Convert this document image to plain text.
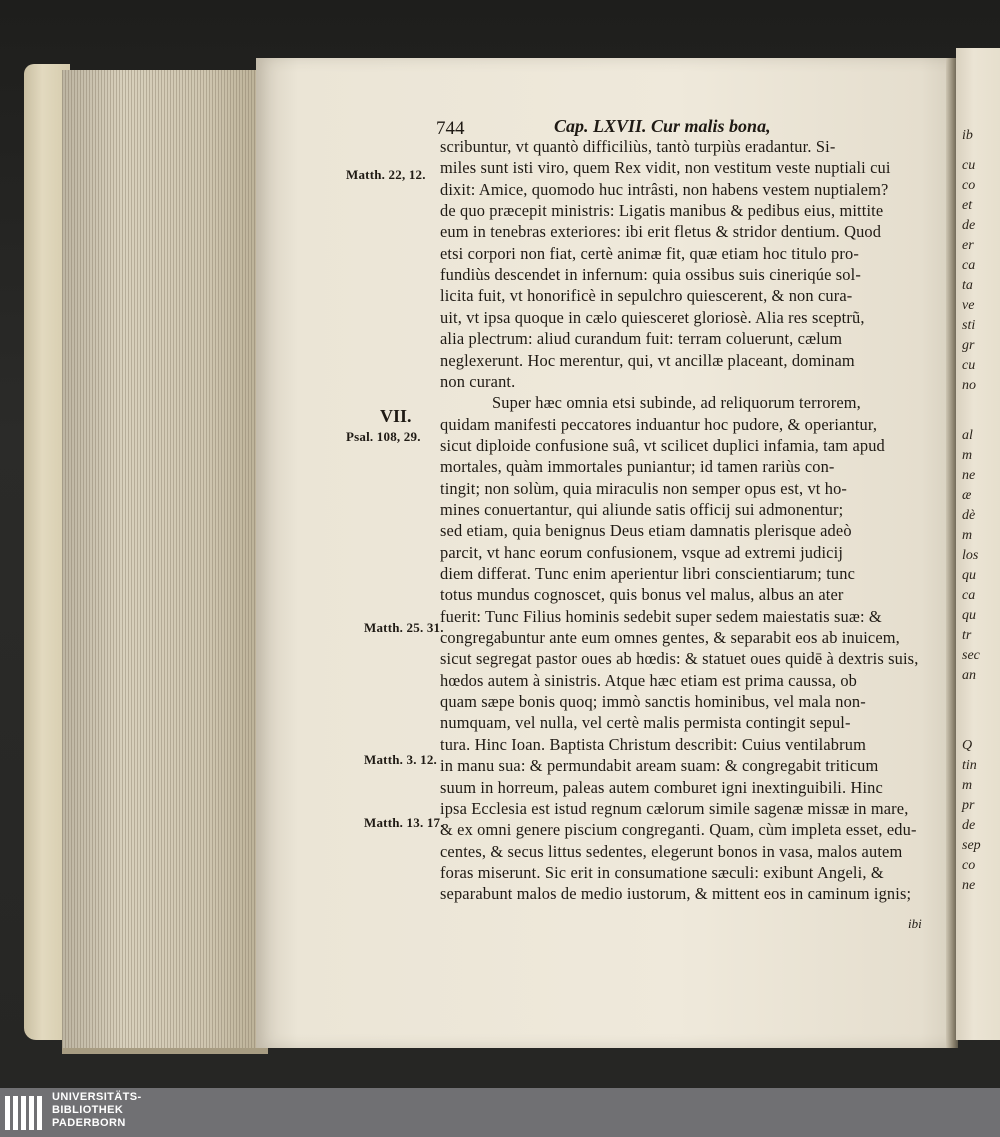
ib
cu
co
et
de
er
ca
ta
ve
sti
gr
cu
no
al
m
ne
æ
dè
m
los
qu
ca
qu
tr
sec
an
Q
tin
m
pr
de
sep
co
ne
744	Cap. LXVII. Cur malis bona,
scribuntur, vt quantò difficiliùs, tantò turpiùs eradantur. Si-
miles sunt isti viro, quem Rex vidit, non vestitum veste nuptiali cui
dixit: Amice, quomodo huc intrâsti, non habens vestem nuptialem?
de quo præcepit ministris: Ligatis manibus & pedibus eius, mittite
eum in tenebras exteriores: ibi erit fletus & stridor dentium. Quod
etsi corpori non fiat, certè animæ fit, quæ etiam hoc titulo pro-
fundiùs descendet in infernum: quia ossibus suis cineriqúe sol-
licita fuit, vt honorificè in sepulchro quiescerent, & non cura-
uit, vt ipsa quoque in cælo quiesceret gloriosè. Alia res sceptrũ,
alia plectrum: aliud curandum fuit: terram coluerunt, cælum
neglexerunt. Hoc merentur, qui, vt ancillæ placeant, dominam
non curant.
Super hæc omnia etsi subinde, ad reliquorum terrorem,
quidam manifesti peccatores induantur hoc pudore, & operiantur,
sicut diploide confusione suâ, vt scilicet duplici infamia, tam apud
mortales, quàm immortales puniantur; id tamen rariùs con-
tingit; non solùm, quia miraculis non semper opus est, vt ho-
mines conuertantur, qui aliunde satis officij sui admonentur;
sed etiam, quia benignus Deus etiam damnatis plerisque adeò
parcit, vt hanc eorum confusionem, vsque ad extremi judicij
diem differat. Tunc enim aperientur libri conscientiarum; tunc
totus mundus cognoscet, quis bonus vel malus, albus an ater
fuerit: Tunc Filius hominis sedebit super sedem maiestatis suæ: &
congregabuntur ante eum omnes gentes, & separabit eos ab inuicem,
sicut segregat pastor oues ab hœdis: & statuet oues quidē à dextris suis,
hœdos autem à sinistris. Atque hæc etiam est prima caussa, ob
quam sæpe bonis quoq; immò sanctis hominibus, vel mala non-
numquam, vel nulla, vel certè malis permista contingit sepul-
tura. Hinc Ioan. Baptista Christum describit: Cuius ventilabrum
in manu sua: & permundabit aream suam: & congregabit triticum
suum in horreum, paleas autem comburet igni inextinguibili. Hinc
ipsa Ecclesia est istud regnum cælorum simile sagenæ missæ in mare,
& ex omni genere piscium congreganti. Quam, cùm impleta esset, edu-
centes, & secus littus sedentes, elegerunt bonos in vasa, malos autem
foras miserunt. Sic erit in consumatione sæculi: exibunt Angeli, &
separabunt malos de medio iustorum, & mittent eos in caminum ignis;
Matth. 22, 12.
Psal. 108, 29.
Matth. 25. 31.
Matth. 3. 12.
Matth. 13. 17.
VII.
ibi
UNIVERSITÄTS-
BIBLIOTHEK
PADERBORN
